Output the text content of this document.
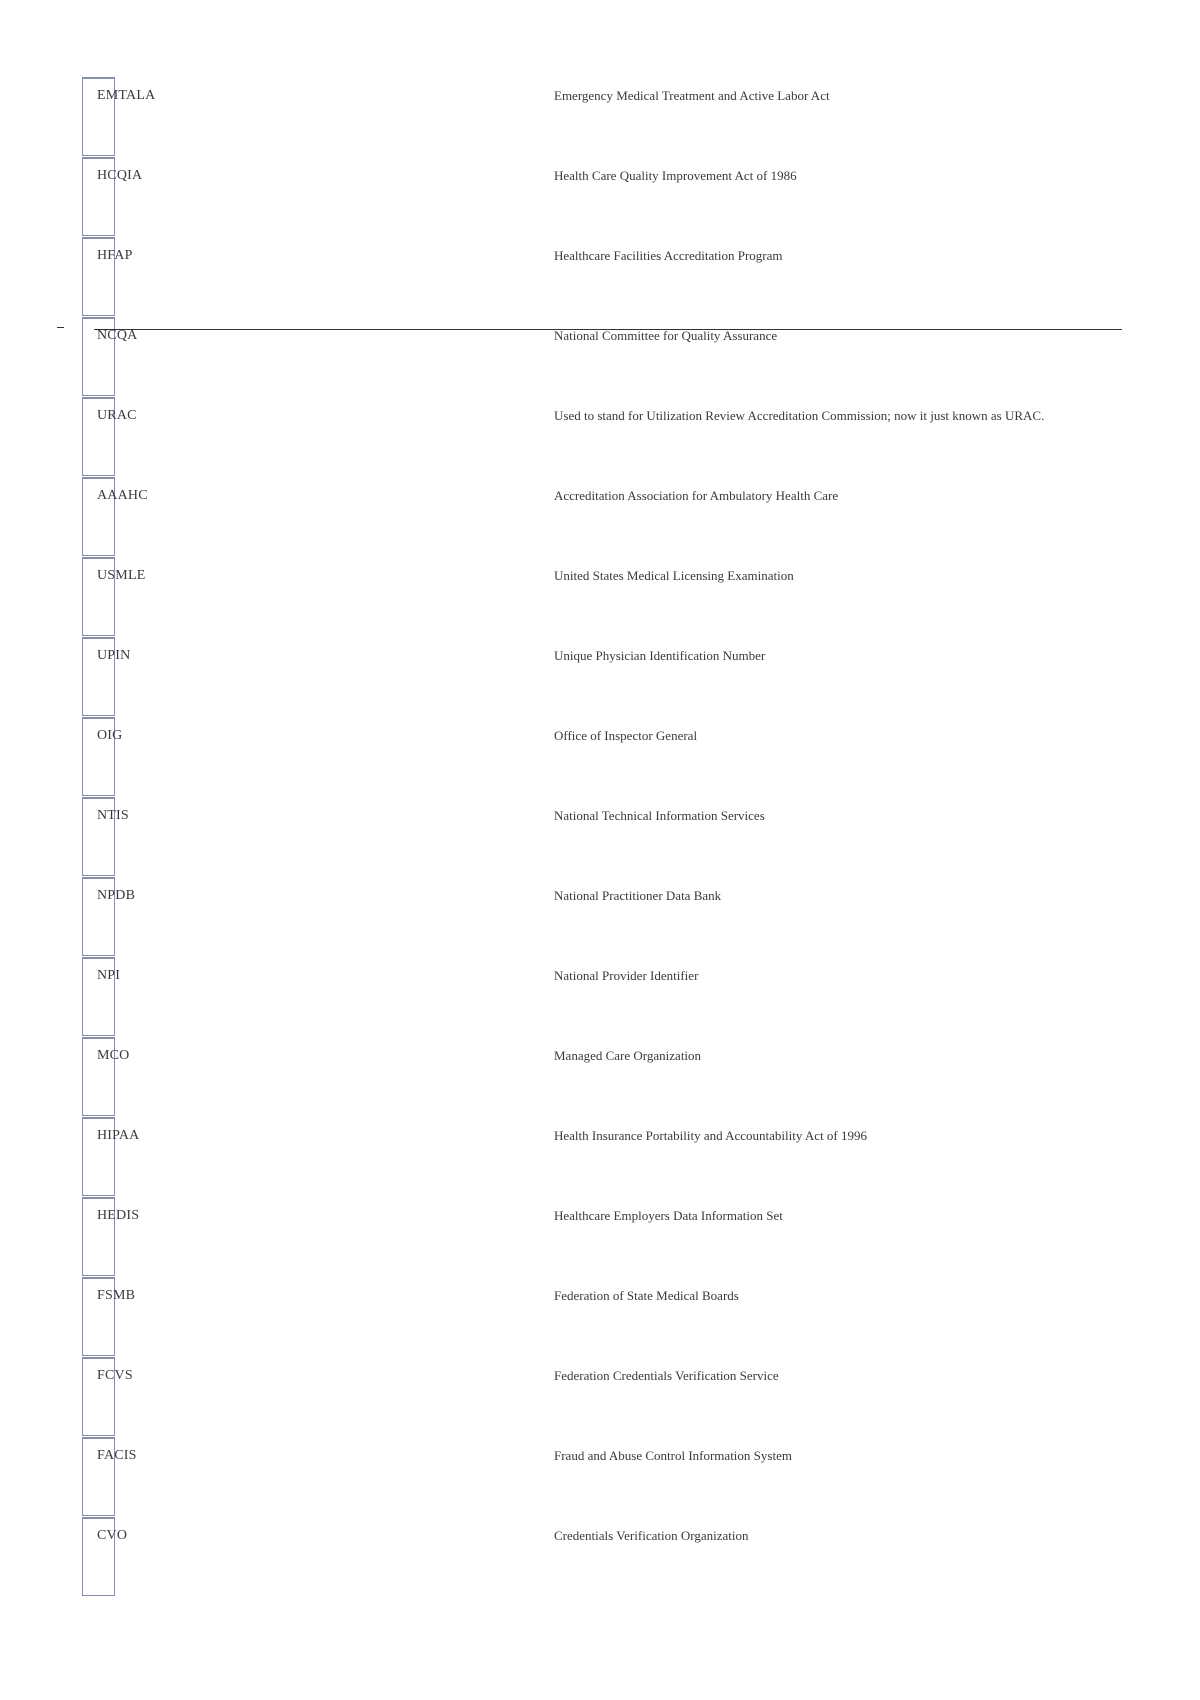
EMTALA	Emergency Medical Treatment and Active Labor Act
HCQIA	Health Care Quality Improvement Act of 1986
HFAP	Healthcare Facilities Accreditation Program
NCQA	National Committee for Quality Assurance
URAC	Used to stand for Utilization Review Accreditation Commission; now it just known as URAC.
AAAHC	Accreditation Association for Ambulatory Health Care
USMLE	United States Medical Licensing Examination
UPIN	Unique Physician Identification Number
OIG	Office of Inspector General
NTIS	National Technical Information Services
NPDB	National Practitioner Data Bank
NPI	National Provider Identifier
MCO	Managed Care Organization
HIPAA	Health Insurance Portability and Accountability Act of 1996
HEDIS	Healthcare Employers Data Information Set
FSMB	Federation of State Medical Boards
FCVS	Federation Credentials Verification Service
FACIS	Fraud and Abuse Control Information System
CVO	Credentials Verification Organization
